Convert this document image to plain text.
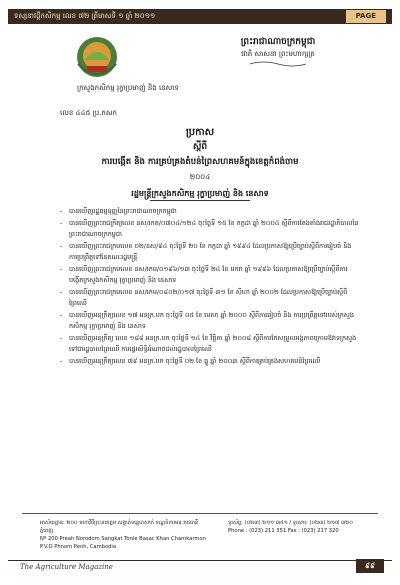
ទស្សនាវដ្ដីកសិកម្ម លេខ ៧២ ត្រីមាសទី ១ ឆ្នាំ ២០១១	PAGE
ព្រះរាជាណាចក្រកម្ពុជា
ជាតិ សាសនា ព្រះមហាក្សត្រ
ក្រសួងកសិកម្ម រុក្ខាប្រមាញ់ និង នេសាទ
លេខ ៤៤៥ ប្រ.កសក
ប្រកាស
ស្ដីពី
ការបង្កើត និង ការគ្រប់គ្រងតំបន់ព្រៃសហគមន៍ក្នុងខេត្តកំពង់ចាម
២០០៤
រដ្ឋមន្ត្រីក្រសួងកសិកម្ម រុក្ខាប្រមាញ់ និង នេសាទ
- បានឃើញរដ្ឋធម្មនុញ្ញនៃព្រះរាជាណាចក្រកម្ពុជា
- បានឃើញព្រះរាជក្រឹត្យលេខ នស/រកត/០៧០៤/១២៤ ចុះថ្ងៃទី ១៥ ខែ កក្កដា ឆ្នាំ ២០០៤ ស្ដីពីការតែងតាំងរាជរដ្ឋាភិបាលនៃព្រះរាជាណាចក្រកម្ពុជា
- បានឃើញព្រះរាជក្រមលេខ ០២/នស/៩៤ ចុះថ្ងៃទី ២០ ខែ កក្កដា ឆ្នាំ ១៩៩៤ ដែលប្រកាសឱ្យប្រើច្បាប់ស្ដីពីការរៀបចំ និង ការប្រព្រឹត្តទៅនៃគណៈរដ្ឋមន្ត្រី
- បានឃើញព្រះរាជក្រមលេខ នស/រកម/០១៩៦/១៣ ចុះថ្ងៃទី ២៤ ខែ មករា ឆ្នាំ ១៩៩៦ ដែលប្រកាសឱ្យប្រើច្បាប់ស្ដីពីការបង្កើតក្រសួងកសិកម្ម រុក្ខាប្រមាញ់ និង នេសាទ
- បានឃើញព្រះរាជក្រមលេខ នស/រកម/០៨០២/០១៧ ចុះថ្ងៃទី ៣១ ខែ សីហា ឆ្នាំ ២០០២ ដែលប្រកាសឱ្យប្រើច្បាប់ស្ដីពីព្រៃឈើ
- បានឃើញអនុក្រឹត្យលេខ ១៧ អនក្រ.បក ចុះថ្ងៃទី ០៥ ខែ មេសា ឆ្នាំ ២០០០ ស្ដីពីការរៀបចំ និង ការប្រព្រឹត្តទៅរបស់ក្រសួងកសិកម្ម រុក្ខាប្រមាញ់ និង នេសាទ
- បានឃើញអនុក្រឹត្យ លេខ ១៨៨ អនក្រ.បក ចុះថ្ងៃទី ១៤ ខែ វិច្ឆិកា ឆ្នាំ ២០០៨ ស្ដីពីការកែសម្រួលអង្គភាពក្រោមឱវាទក្រសួង ទៅជារដ្ឋបាលព្រៃឈើ ការផ្ទេរសិទ្ធិអំណាចដល់រដ្ឋបាលព្រៃឈើ
- បានឃើញអនុក្រឹត្យលេខ ៧៩ អនក្រ.បក ចុះថ្ងៃទី ០២ ខែ ធ្នូ ឆ្នាំ ២០០៣ ស្ដីពីការគ្រប់គ្រងសហគមន៍ព្រៃឈើ
អាស័យដ្ឋាន: ២០០ មហាវិថីព្រះនរោត្តម សង្កាត់ទន្លេបាសាក់ ខណ្ឌចំការមន រាជធានីភ្នំពេញ
Nº 200 Preah Norodom Sangkat Tonle Basac Khan Chamkarmon P.V.O Phnom Penh, Cambodia
ទូរស័ព្ទ: (០២៣) ២១១ ៣៥១ / ទូរសារ: (០២៣) ២១៧ ៣២០
Phone : (023) 211 351 Fax : (023) 217 320
The Agriculture Magazine	៩៩
